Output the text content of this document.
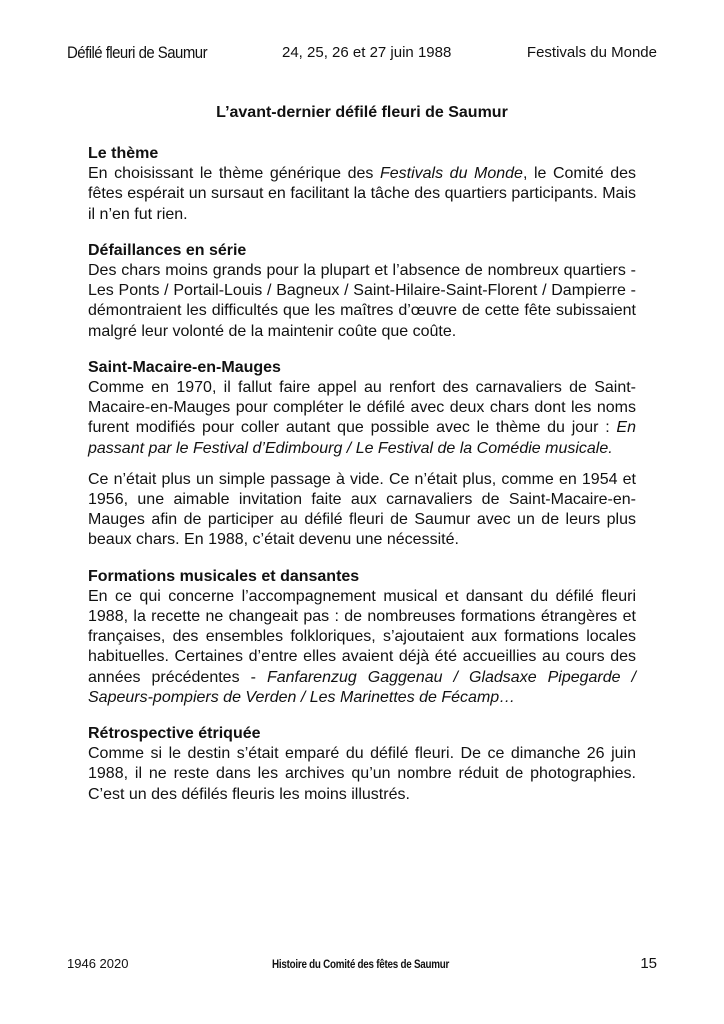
Défilé fleuri de Saumur	24, 25, 26 et 27 juin 1988	Festivals du Monde
L’avant-dernier défilé fleuri de Saumur
Le thème

En choisissant le thème générique des Festivals du Monde, le Comité des fêtes espérait un sursaut en facilitant la tâche des quartiers participants. Mais il n’en fut rien.

Défaillances en série

Des chars moins grands pour la plupart et l’absence de nombreux quartiers - Les Ponts / Portail-Louis / Bagneux / Saint-Hilaire-Saint-Florent / Dampierre - démontraient les difficultés que les maîtres d’œuvre de cette fête subissaient malgré leur volonté de la maintenir coûte que coûte.

Saint-Macaire-en-Mauges

Comme en 1970, il fallut faire appel au renfort des carnavaliers de Saint-Macaire-en-Mauges pour compléter le défilé avec deux chars dont les noms furent modifiés pour coller autant que possible avec le thème du jour : En passant par le Festival d’Edimbourg / Le Festival de la Comédie musicale.

Ce n’était plus un simple passage à vide. Ce n’était plus, comme en 1954 et 1956, une aimable invitation faite aux carnavaliers de Saint-Macaire-en-Mauges afin de participer au défilé fleuri de Saumur avec un de leurs plus beaux chars. En 1988, c’était devenu une nécessité.

Formations musicales et dansantes

En ce qui concerne l’accompagnement musical et dansant du défilé fleuri 1988, la recette ne changeait pas : de nombreuses formations étrangères et françaises, des ensembles folkloriques, s’ajoutaient aux formations locales habituelles. Certaines d’entre elles avaient déjà été accueillies au cours des années précédentes - Fanfarenzug Gaggenau / Gladsaxe Pipegarde / Sapeurs-pompiers de Verden / Les Marinettes de Fécamp…

Rétrospective étriquée

Comme si le destin s’était emparé du défilé fleuri. De ce dimanche 26 juin 1988, il ne reste dans les archives qu’un nombre réduit de photographies. C’est un des défilés fleuris les moins illustrés.

1946 2020	Histoire du Comité des fêtes de Saumur	15
